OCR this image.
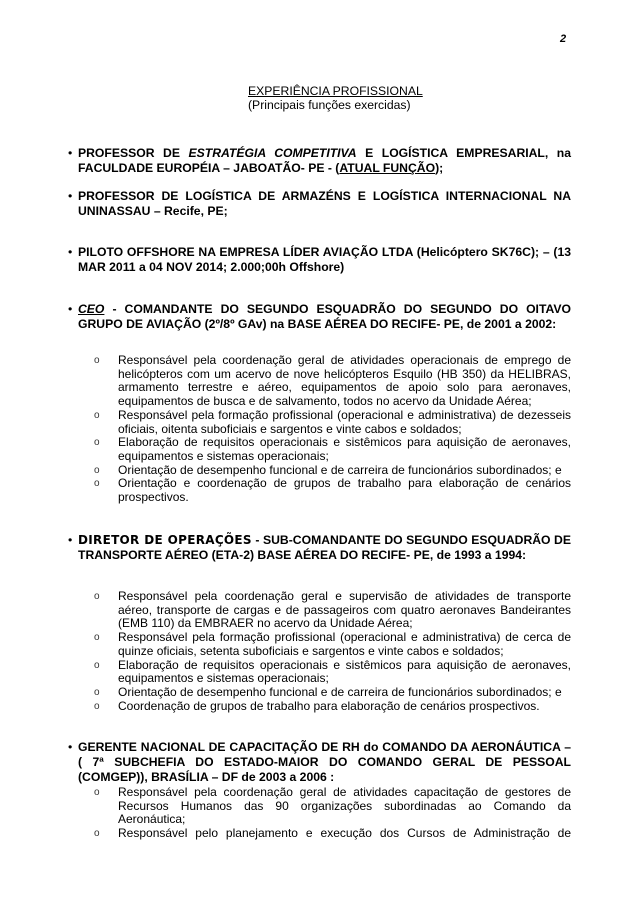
2
EXPERIÊNCIA PROFISSIONAL
(Principais funções exercidas)
• PROFESSOR DE ESTRATÉGIA COMPETITIVA E LOGÍSTICA EMPRESARIAL, na FACULDADE EUROPÉIA – JABOATÃO- PE - (ATUAL FUNÇÃO);
• PROFESSOR DE LOGÍSTICA DE ARMAZÉNS E LOGÍSTICA INTERNACIONAL NA UNINASSAU – Recife, PE;
• PILOTO OFFSHORE NA EMPRESA LÍDER AVIAÇÃO LTDA (Helicóptero SK76C); – (13 MAR 2011 a 04 NOV 2014; 2.000;00h Offshore)
• CEO - COMANDANTE DO SEGUNDO ESQUADRÃO DO SEGUNDO DO OITAVO GRUPO DE AVIAÇÃO (2º/8º GAv) na BASE AÉREA DO RECIFE- PE, de 2001 a 2002:
o Responsável pela coordenação geral de atividades operacionais de emprego de helicópteros com um acervo de nove helicópteros Esquilo (HB 350) da HELIBRAS, armamento terrestre e aéreo, equipamentos de apoio solo para aeronaves, equipamentos de busca e de salvamento, todos no acervo da Unidade Aérea;
o Responsável pela formação profissional (operacional e administrativa) de dezesseis oficiais, oitenta suboficiais e sargentos e vinte cabos e soldados;
o Elaboração de requisitos operacionais e sistêmicos para aquisição de aeronaves, equipamentos e sistemas operacionais;
o Orientação de desempenho funcional e de carreira de funcionários subordinados; e
o Orientação e coordenação de grupos de trabalho para elaboração de cenários prospectivos.
• DIRETOR DE OPERAÇÕES - SUB-COMANDANTE DO SEGUNDO ESQUADRÃO DE TRANSPORTE AÉREO (ETA-2) BASE AÉREA DO RECIFE- PE, de 1993 a 1994:
o Responsável pela coordenação geral e supervisão de atividades de transporte aéreo, transporte de cargas e de passageiros com quatro aeronaves Bandeirantes (EMB 110) da EMBRAER no acervo da Unidade Aérea;
o Responsável pela formação profissional (operacional e administrativa) de cerca de quinze oficiais, setenta suboficiais e sargentos e vinte cabos e soldados;
o Elaboração de requisitos operacionais e sistêmicos para aquisição de aeronaves, equipamentos e sistemas operacionais;
o Orientação de desempenho funcional e de carreira de funcionários subordinados; e
o Coordenação de grupos de trabalho para elaboração de cenários prospectivos.
• GERENTE NACIONAL DE CAPACITAÇÃO DE RH do COMANDO DA AERONÁUTICA – ( 7ª SUBCHEFIA DO ESTADO-MAIOR DO COMANDO GERAL DE PESSOAL (COMGEP)), BRASÍLIA – DF de 2003 a 2006 :
o Responsável pela coordenação geral de atividades capacitação de gestores de Recursos Humanos das 90 organizações subordinadas ao Comando da Aeronáutica;
o Responsável pelo planejamento e execução dos Cursos de Administração de
